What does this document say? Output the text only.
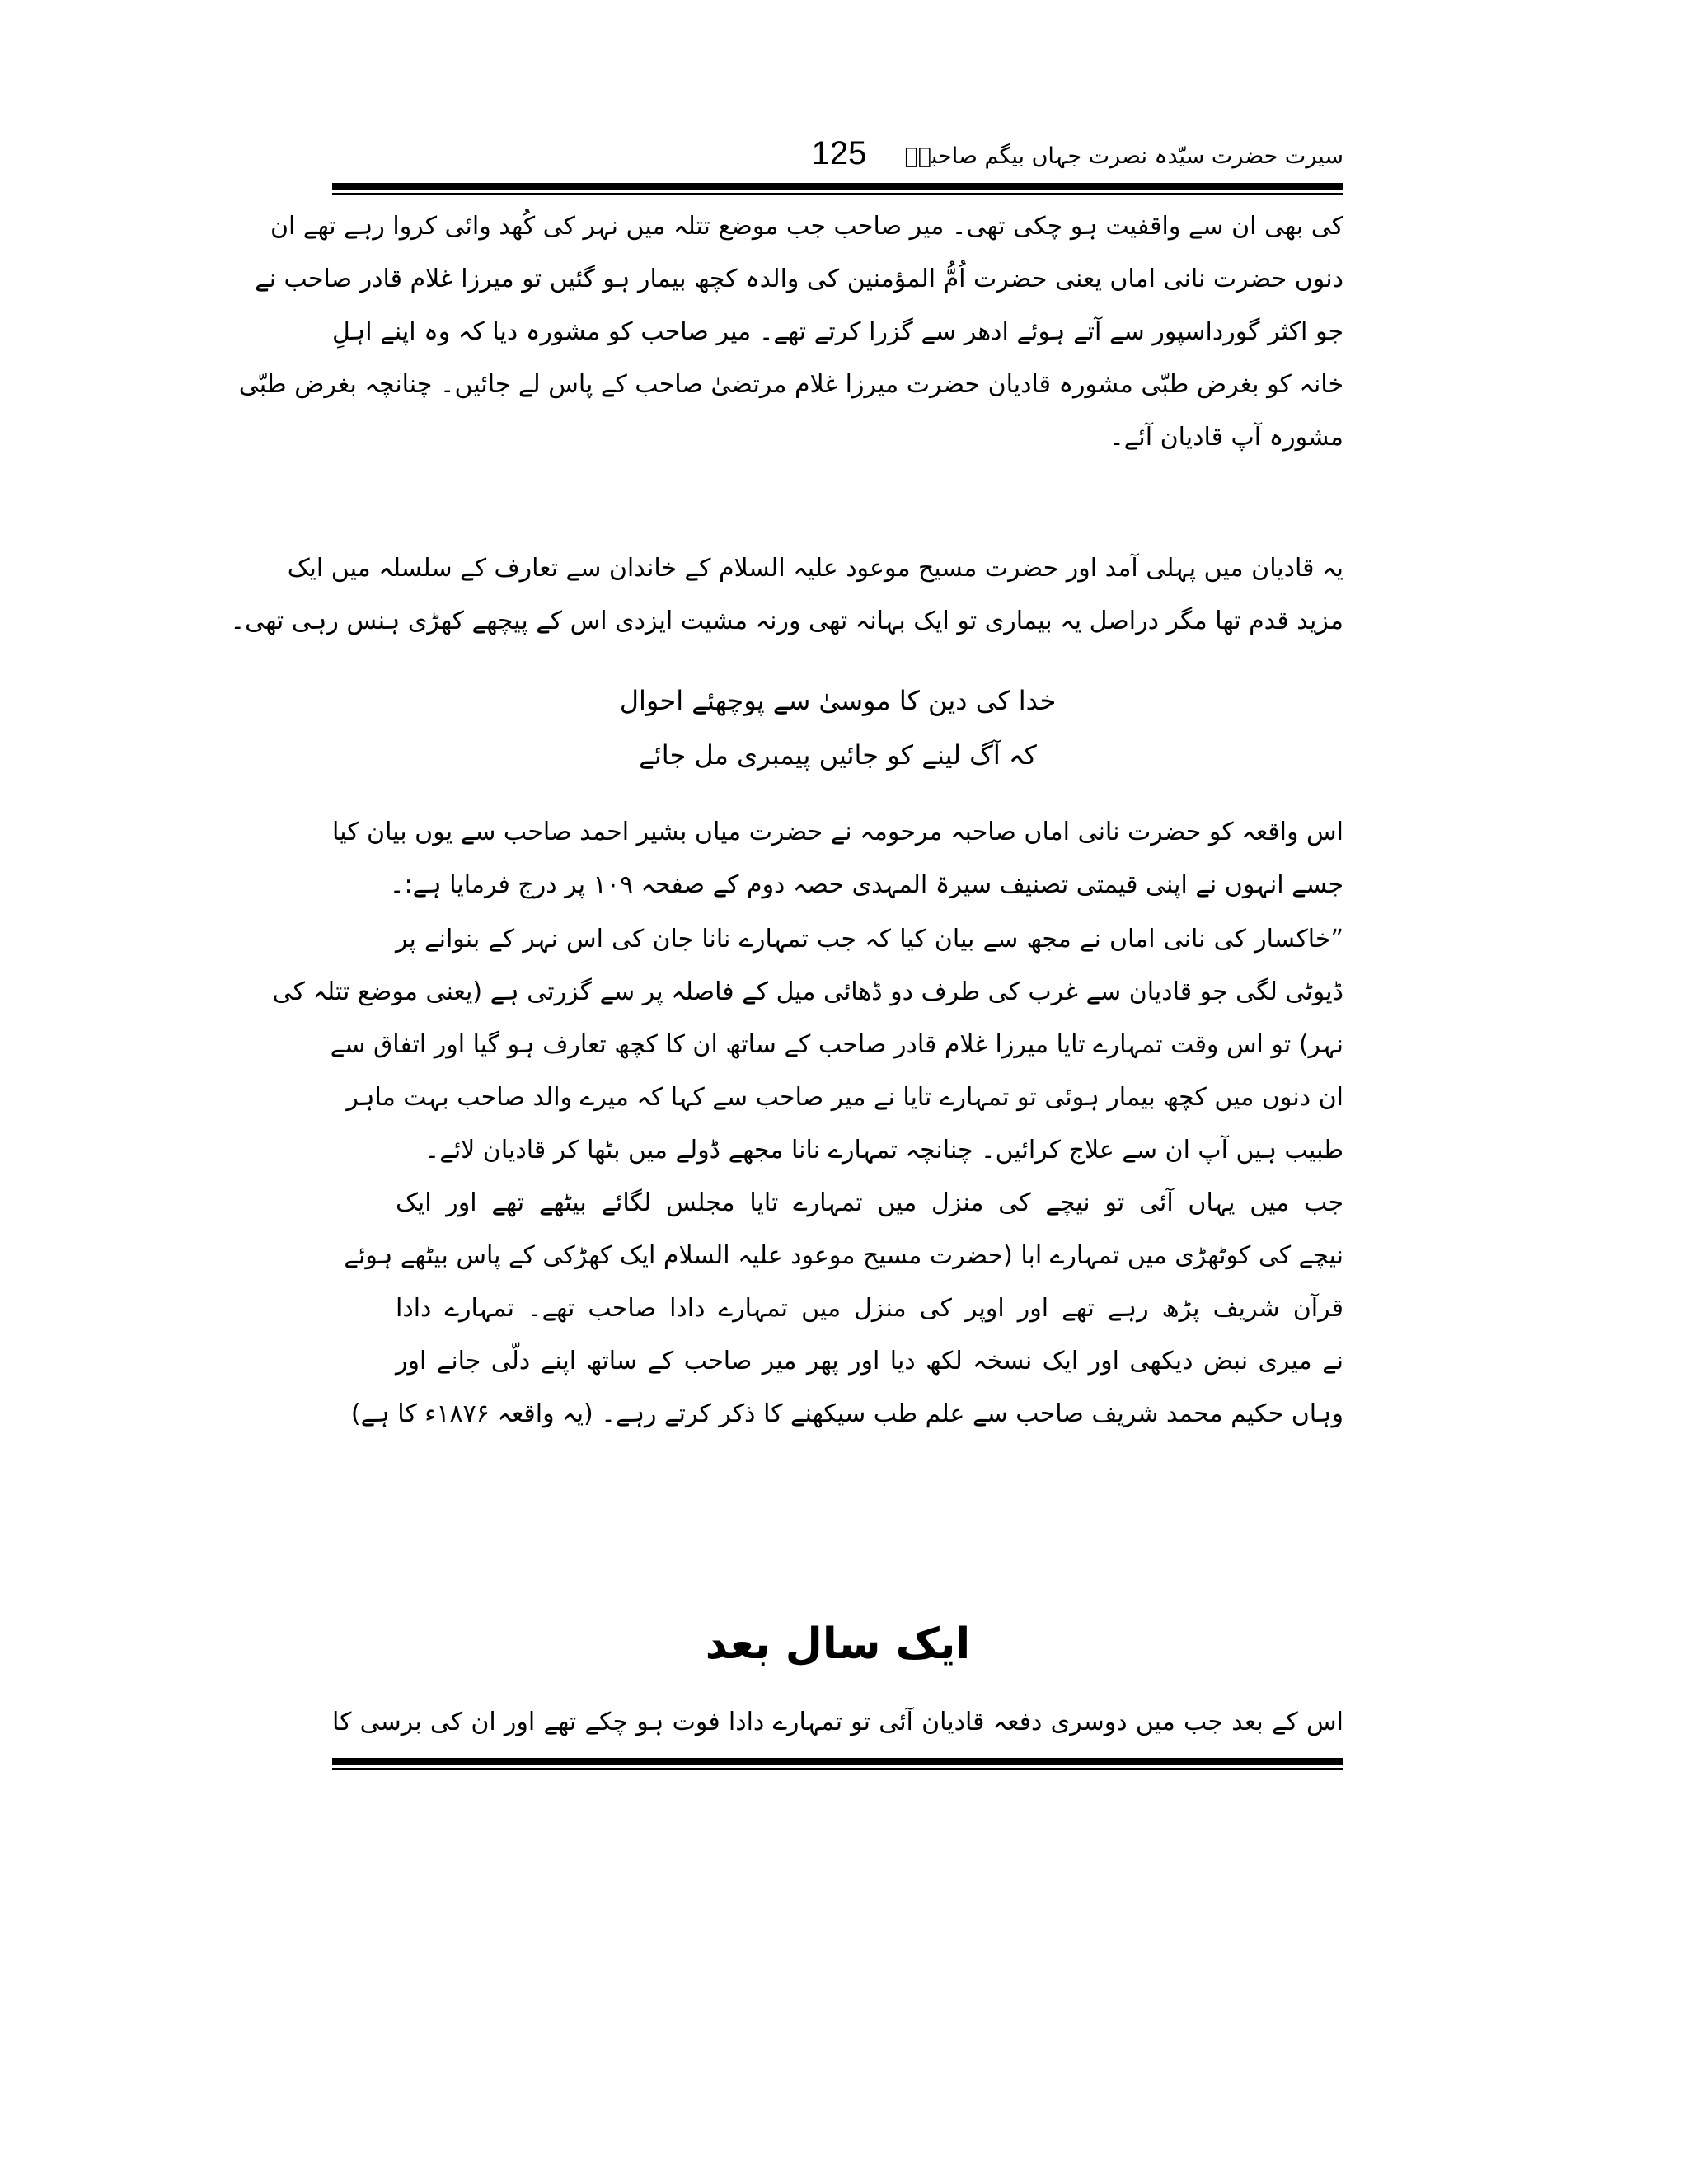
سیرت حضرت سیّدہ نصرت جہاں بیگم صاحبہؓ
125
کی بھی ان سے واقفیت ہو چکی تھی۔ میر صاحب جب موضع تتلہ میں نہر کی کُھد وائی کروا رہے تھے ان
دنوں حضرت نانی اماں یعنی حضرت اُمُّ المؤمنین کی والدہ کچھ بیمار ہو گئیں تو میرزا غلام قادر صاحب نے
جو اکثر گورداسپور سے آتے ہوئے ادھر سے گزرا کرتے تھے۔ میر صاحب کو مشورہ دیا کہ وہ اپنے اہلِ
خانہ کو بغرض طبّی مشورہ قادیان حضرت میرزا غلام مرتضیٰ صاحب کے پاس لے جائیں۔ چنانچہ بغرض طبّی
مشورہ آپ قادیان آئے۔
یہ قادیان میں پہلی آمد اور حضرت مسیح موعود علیہ السلام کے خاندان سے تعارف کے سلسلہ میں ایک
مزید قدم تھا مگر دراصل یہ بیماری تو ایک بہانہ تھی ورنہ مشیت ایزدی اس کے پیچھے کھڑی ہنس رہی تھی۔
خدا کی دین کا موسیٰ سے پوچھئے احوال
کہ آگ لینے کو جائیں پیمبری مل جائے
اس واقعہ کو حضرت نانی اماں صاحبہ مرحومہ نے حضرت میاں بشیر احمد صاحب سے یوں بیان کیا
جسے انہوں نے اپنی قیمتی تصنیف سیرۃ المہدی حصہ دوم کے صفحہ ۱۰۹ پر درج فرمایا ہے:۔
”خاکسار کی نانی اماں نے مجھ سے بیان کیا کہ جب تمہارے نانا جان کی اس نہر کے بنوانے پر
ڈیوٹی لگی جو قادیان سے غرب کی طرف دو ڈھائی میل کے فاصلہ پر سے گزرتی ہے (یعنی موضع تتلہ کی
نہر) تو اس وقت تمہارے تایا میرزا غلام قادر صاحب کے ساتھ ان کا کچھ تعارف ہو گیا اور اتفاق سے
ان دنوں میں کچھ بیمار ہوئی تو تمہارے تایا نے میر صاحب سے کہا کہ میرے والد صاحب بہت ماہر
طبیب ہیں آپ ان سے علاج کرائیں۔ چنانچہ تمہارے نانا مجھے ڈولے میں بٹھا کر قادیان لائے۔
جب میں یہاں آئی تو نیچے کی منزل میں تمہارے تایا مجلس لگائے بیٹھے تھے اور ایک
نیچے کی کوٹھڑی میں تمہارے ابا (حضرت مسیح موعود علیہ السلام ایک کھڑکی کے پاس بیٹھے ہوئے
قرآن شریف پڑھ رہے تھے اور اوپر کی منزل میں تمہارے دادا صاحب تھے۔ تمہارے دادا
نے میری نبض دیکھی اور ایک نسخہ لکھ دیا اور پھر میر صاحب کے ساتھ اپنے دلّی جانے اور
وہاں حکیم محمد شریف صاحب سے علم طب سیکھنے کا ذکر کرتے رہے۔ (یہ واقعہ ۱۸۷۶ء کا ہے)
ایک سال بعد
اس کے بعد جب میں دوسری دفعہ قادیان آئی تو تمہارے دادا فوت ہو چکے تھے اور ان کی برسی کا
